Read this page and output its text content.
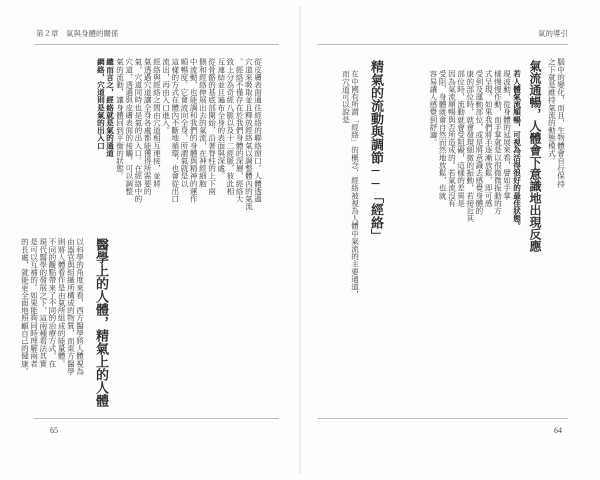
第２章　氣與身體的關係
從皮膚表面通往經絡的聯絡窗口。人體透過
穴道來吸取並且釋放經絡氣以調整體內的氣流
。經絡不僅存在於我們身體的深層，經絡大
致上分為奇經八脈以及十二經脈，彼此相
互連結並且遍布全身的表面與深處。
從骨骼的基底部開始，沿著脊柱的上下兩
側和經絡伸展出去的氣流，在神經細胞
中流動，也能調和我們的身體與精神的運作
順暢度。它會流向全身，所謂氣就是以
這樣的方式在體內不斷地循環，也會從出口
流出，再由入口進入。
經絡與經絡之間由穴道相互連接，並將
氣透過穴道讓全身各處都能獲得所需要的
氣，穴道同時也是氣的出入口。在經絡中的
穴道，透過與皮膚表面的接觸，可以調整
氣的流動，讓身體回到平衡的狀態。
總而言之，經絡就是氣的通道
網絡，穴道則是氣的出入口
醫學上的人體，精氣上的人體
以科學的角度來看，西方醫學將人體視為
由器官與組織所構成的物質，而東方醫學
則將人體看作是由氣所組成的能量體。
不同的觀點帶來了不同的治療方式，在
現代醫學的發展之下，這兩種看法其實
是可以互補的。如果能夠同時理解兩者
的長處，就能更全面地照顧自己的健康。
65
氣的導引
腦中的變化，而且，生物體會自行保持
之下就是維持氣流的動態模式。
氣流通暢，人體會下意識地出現反應
若人體氣流順暢，可視為活得很好的最佳狀態。
現波動，從身體的延展來看，譬如手掌
樣慢慢作動，而手掌就是以很微微振動的方
式呈現。如果我們將手逐漸放鬆，即可感
受到及運動部位，或是將意識去感覺身體的
康的部位時，就會發現細微的振動，若接近其
部位時，流動就會受阻礙，這樣的差異是
因為氣流順暢與否所造成的。若氣流沒有
受阻，身體就會自然而然地放鬆，也就
容易讓人感覺到舒適。
精氣的流動與調節──「經絡」
在中國有所謂「經絡」的概念，經絡被視為人體中氣流的主要通道，
而穴道可以說是
64
